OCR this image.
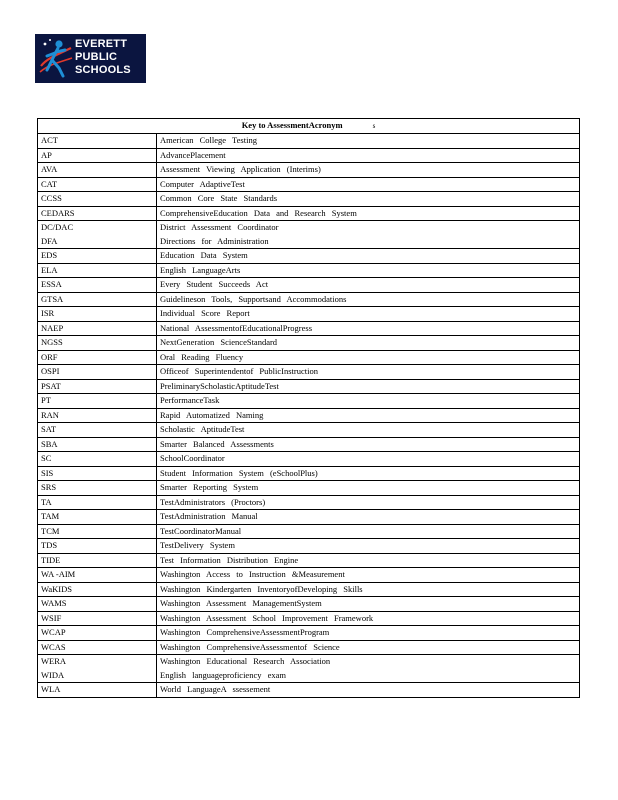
EVERETT
PUBLIC
SCHOOLS
Key to AssessmentAcronym s	
ACT	American College Testing
AP	AdvancePlacement
AVA	Assessment Viewing Application (Interims)
CAT	Computer AdaptiveTest
CCSS	Common Core State Standards
CEDARS	ComprehensiveEducation Data and Research System
DC/DAC	District Assessment Coordinator
DFA	Directions for Administration
EDS	Education Data System
ELA	English LanguageArts
ESSA	Every Student Succeeds Act
GTSA	Guidelineson Tools, Supportsand Accommodations
ISR	Individual Score Report
NAEP	National AssessmentofEducationalProgress
NGSS	NextGeneration ScienceStandard
ORF	Oral Reading Fluency
OSPI	Officeof Superintendentof PublicInstruction
PSAT	PreliminaryScholasticAptitudeTest
PT	PerformanceTask
RAN	Rapid Automatized Naming
SAT	Scholastic AptitudeTest
SBA	Smarter Balanced Assessments
SC	SchoolCoordinator
SIS	Student Information System (eSchoolPlus)
SRS	Smarter Reporting System
TA	TestAdministrators (Proctors)
TAM	TestAdministration Manual
TCM	TestCoordinatorManual
TDS	TestDelivery System
TIDE	Test Information Distribution Engine
WA -AIM	Washington Access to Instruction &Measurement
WaKIDS	Washington Kindergarten InventoryofDeveloping Skills
WAMS	Washington Assessment ManagementSystem
WSIF	Washington Assessment School Improvement Framework
WCAP	Washington ComprehensiveAssessmentProgram
WCAS	Washington ComprehensiveAssessmentof Science
WERA	Washington Educational Research Association
WIDA	English languageproficiency exam
WLA	World LanguageA ssessement
